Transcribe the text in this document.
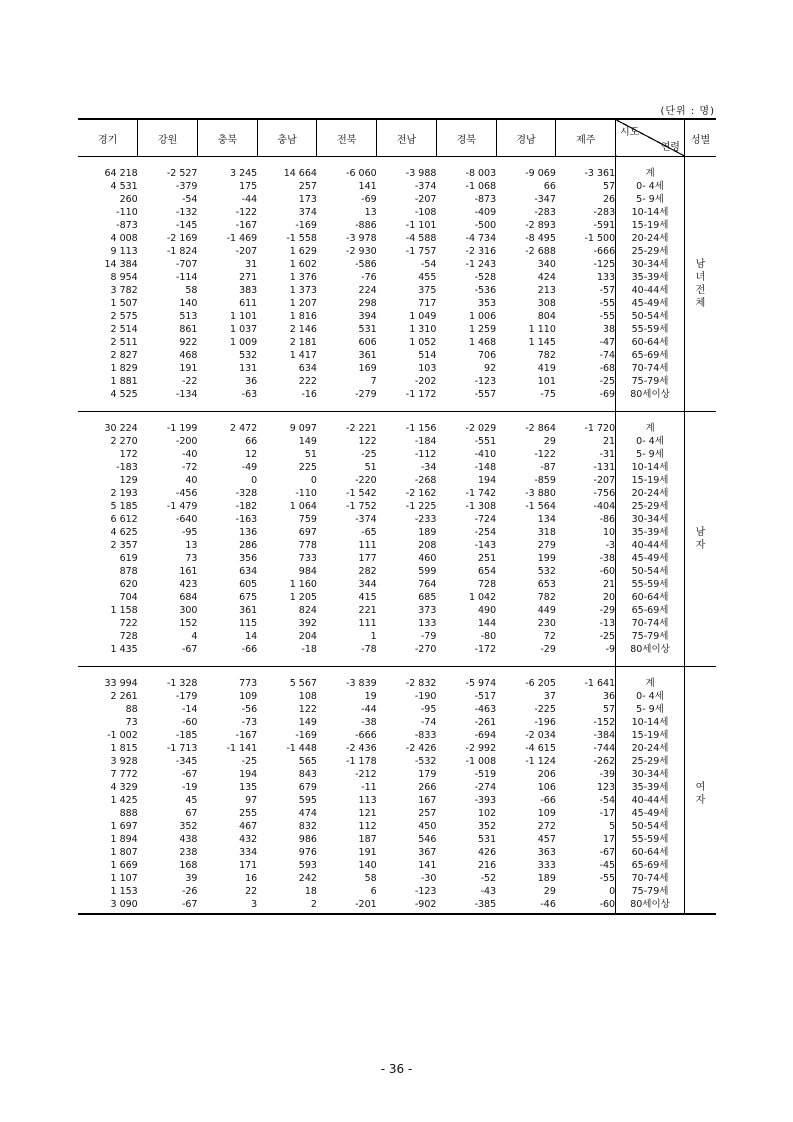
(단위 : 명)
경기	강원	충북	충남	전북	전남	경북	경남	제주	시도
연령	성별

64 218	-2 527	3 245	14 664	-6 060	-3 988	-8 003	-9 069	-3 361	계	남
녀
전
체
4 531	-379	175	257	141	-374	-1 068	66	57	0- 4세	
260	-54	-44	173	-69	-207	-873	-347	26	5- 9세	
-110	-132	-122	374	13	-108	-409	-283	-283	10-14세	
-873	-145	-167	-169	-886	-1 101	-500	-2 893	-591	15-19세	
4 008	-2 169	-1 469	-1 558	-3 978	-4 588	-4 734	-8 495	-1 500	20-24세	
9 113	-1 824	-207	1 629	-2 930	-1 757	-2 316	-2 688	-666	25-29세	
14 384	-707	31	1 602	-586	-54	-1 243	340	-125	30-34세	
8 954	-114	271	1 376	-76	455	-528	424	133	35-39세	
3 782	58	383	1 373	224	375	-536	213	-57	40-44세	
1 507	140	611	1 207	298	717	353	308	-55	45-49세	
2 575	513	1 101	1 816	394	1 049	1 006	804	-55	50-54세	
2 514	861	1 037	2 146	531	1 310	1 259	1 110	38	55-59세	
2 511	922	1 009	2 181	606	1 052	1 468	1 145	-47	60-64세	
2 827	468	532	1 417	361	514	706	782	-74	65-69세	
1 829	191	131	634	169	103	92	419	-68	70-74세	
1 881	-22	36	222	7	-202	-123	101	-25	75-79세	
4 525	-134	-63	-16	-279	-1 172	-557	-75	-69	80세이상	

30 224	-1 199	2 472	9 097	-2 221	-1 156	-2 029	-2 864	-1 720	계	남
자
2 270	-200	66	149	122	-184	-551	29	21	0- 4세	
172	-40	12	51	-25	-112	-410	-122	-31	5- 9세	
-183	-72	-49	225	51	-34	-148	-87	-131	10-14세	
129	40	0	0	-220	-268	194	-859	-207	15-19세	
2 193	-456	-328	-110	-1 542	-2 162	-1 742	-3 880	-756	20-24세	
5 185	-1 479	-182	1 064	-1 752	-1 225	-1 308	-1 564	-404	25-29세	
6 612	-640	-163	759	-374	-233	-724	134	-86	30-34세	
4 625	-95	136	697	-65	189	-254	318	10	35-39세	
2 357	13	286	778	111	208	-143	279	-3	40-44세	
619	73	356	733	177	460	251	199	-38	45-49세	
878	161	634	984	282	599	654	532	-60	50-54세	
620	423	605	1 160	344	764	728	653	21	55-59세	
704	684	675	1 205	415	685	1 042	782	20	60-64세	
1 158	300	361	824	221	373	490	449	-29	65-69세	
722	152	115	392	111	133	144	230	-13	70-74세	
728	4	14	204	1	-79	-80	72	-25	75-79세	
1 435	-67	-66	-18	-78	-270	-172	-29	-9	80세이상	

33 994	-1 328	773	5 567	-3 839	-2 832	-5 974	-6 205	-1 641	계	여
자
2 261	-179	109	108	19	-190	-517	37	36	0- 4세	
88	-14	-56	122	-44	-95	-463	-225	57	5- 9세	
73	-60	-73	149	-38	-74	-261	-196	-152	10-14세	
-1 002	-185	-167	-169	-666	-833	-694	-2 034	-384	15-19세	
1 815	-1 713	-1 141	-1 448	-2 436	-2 426	-2 992	-4 615	-744	20-24세	
3 928	-345	-25	565	-1 178	-532	-1 008	-1 124	-262	25-29세	
7 772	-67	194	843	-212	179	-519	206	-39	30-34세	
4 329	-19	135	679	-11	266	-274	106	123	35-39세	
1 425	45	97	595	113	167	-393	-66	-54	40-44세	
888	67	255	474	121	257	102	109	-17	45-49세	
1 697	352	467	832	112	450	352	272	5	50-54세	
1 894	438	432	986	187	546	531	457	17	55-59세	
1 807	238	334	976	191	367	426	363	-67	60-64세	
1 669	168	171	593	140	141	216	333	-45	65-69세	
1 107	39	16	242	58	-30	-52	189	-55	70-74세	
1 153	-26	22	18	6	-123	-43	29	0	75-79세	
3 090	-67	3	2	-201	-902	-385	-46	-60	80세이상	

- 36 -
